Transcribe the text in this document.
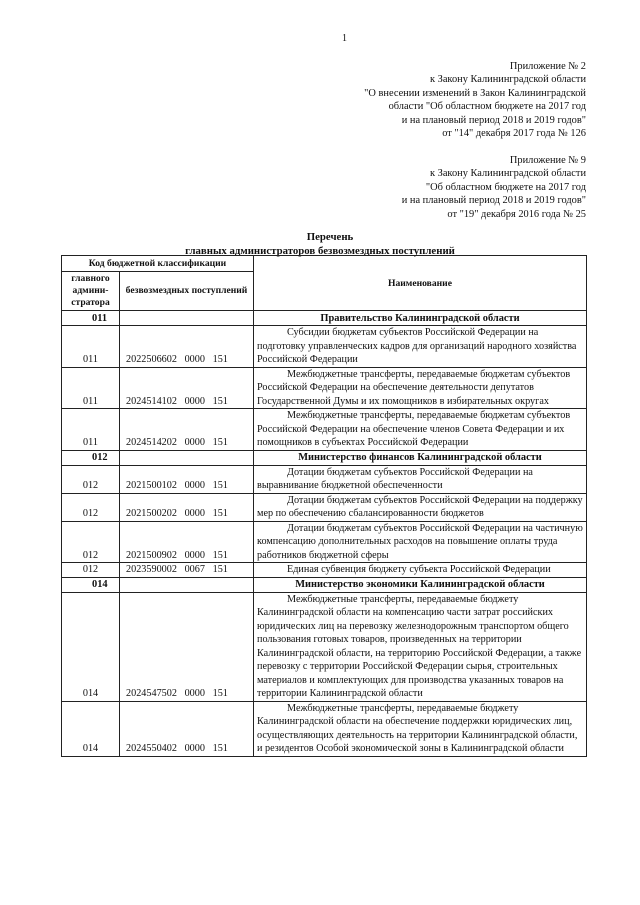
1
Приложение № 2
к Закону Калининградской области
"О внесении изменений в Закон Калининградской
области "Об областном бюджете на 2017 год
и на плановый период 2018 и 2019 годов"
от "14" декабря 2017 года № 126
Приложение № 9
к Закону Калининградской области
"Об областном бюджете на 2017 год
и на плановый период 2018 и 2019 годов"
от "19" декабря 2016 года № 25
Перечень
главных администраторов безвозмездных поступлений
Код бюджетной классификации		Наименование
главного админи-стратора	безвозмездных поступлений	
011		Правительство Калининградской области
011	2022506602   0000   151	Субсидии бюджетам субъектов Российской Федерации на подготовку управленческих кадров для организаций народного хозяйства Российской Федерации
011	2024514102   0000   151	Межбюджетные трансферты, передаваемые бюджетам субъектов Российской Федерации на обеспечение деятельности депутатов Государственной Думы и их помощников в избирательных округах
011	2024514202   0000   151	Межбюджетные трансферты, передаваемые бюджетам субъектов Российской Федерации на обеспечение членов Совета Федерации и их помощников в субъектах Российской Федерации
012		Министерство финансов Калининградской области
012	2021500102   0000   151	Дотации бюджетам субъектов Российской Федерации на выравнивание бюджетной обеспеченности
012	2021500202   0000   151	Дотации бюджетам субъектов Российской Федерации на поддержку мер по обеспечению сбалансированности бюджетов
012	2021500902   0000   151	Дотации бюджетам субъектов Российской Федерации на частичную компенсацию дополнительных расходов на повышение оплаты труда работников бюджетной сферы
012	2023590002   0067   151	Единая субвенция бюджету субъекта Российской Федерации
014		Министерство экономики Калининградской области
014	2024547502   0000   151	Межбюджетные трансферты, передаваемые бюджету Калининградской области на компенсацию части затрат российских юридических лиц на перевозку железнодорожным транспортом общего пользования готовых товаров, произведенных на территории Калининградской области, на территорию Российской Федерации, а также перевозку с территории Российской Федерации сырья, строительных материалов и комплектующих для производства указанных товаров на территории Калининградской области
014	2024550402   0000   151	Межбюджетные трансферты, передаваемые бюджету Калининградской области на обеспечение поддержки юридических лиц, осуществляющих деятельность на территории Калининградской области, и резидентов Особой экономической зоны в Калининградской области
